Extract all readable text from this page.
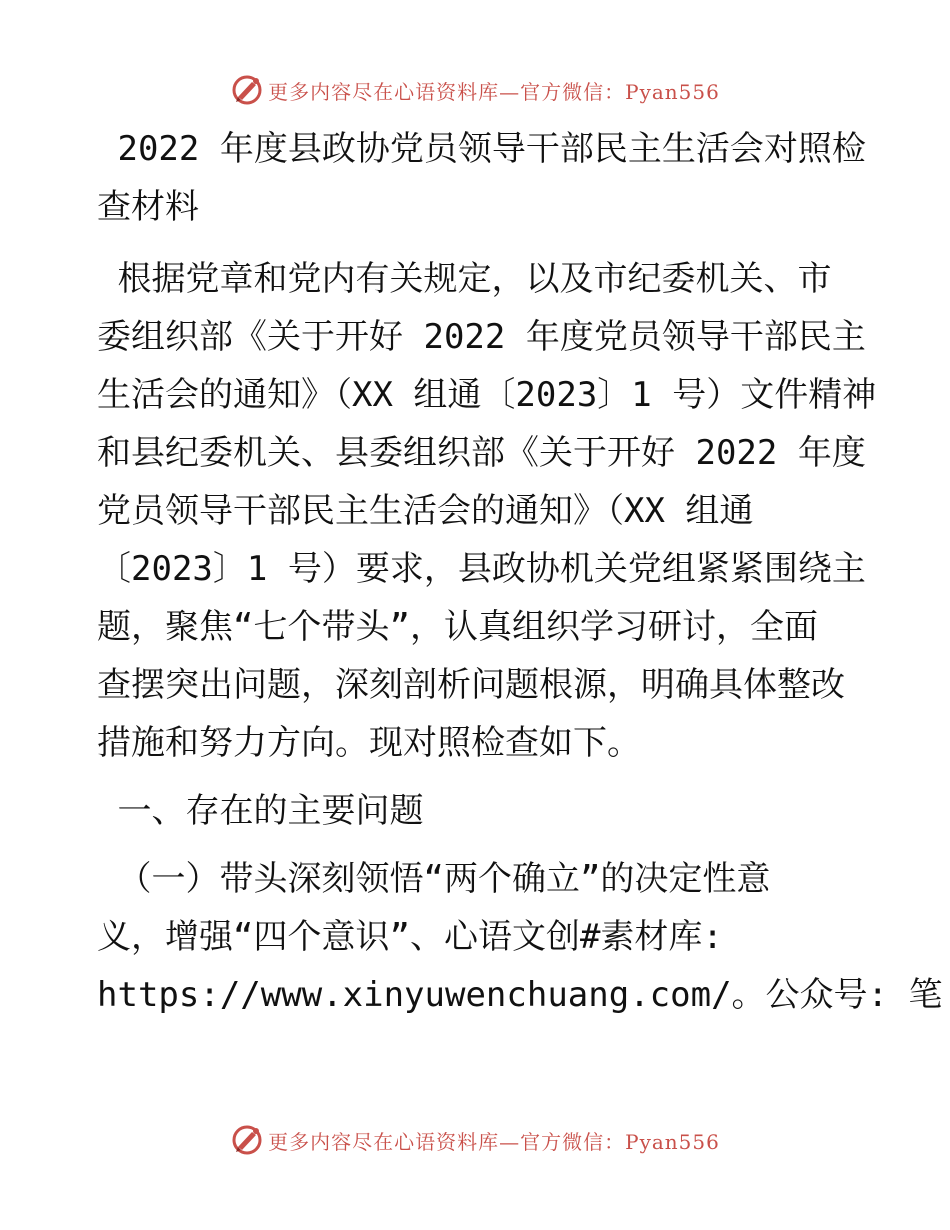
更多内容尽在心语资料库—官方微信：Pyan556
2022 年度县政协党员领导干部民主生活会对照检
查材料
根据党章和党内有关规定，以及市纪委机关、市
委组织部《关于开好 2022 年度党员领导干部民主
生活会的通知》（XX 组通〔2023〕1 号）文件精神
和县纪委机关、县委组织部《关于开好 2022 年度
党员领导干部民主生活会的通知》（XX 组通
〔2023〕1 号）要求，县政协机关党组紧紧围绕主
题，聚焦“七个带头”，认真组织学习研讨，全面
查摆突出问题，深刻剖析问题根源，明确具体整改
措施和努力方向。现对照检查如下。
一、存在的主要问题
（一）带头深刻领悟“两个确立”的决定性意
义，增强“四个意识”、心语文创#素材库:
https://www.xinyuwenchuang.com/。公众号: 笔
更多内容尽在心语资料库—官方微信：Pyan556
